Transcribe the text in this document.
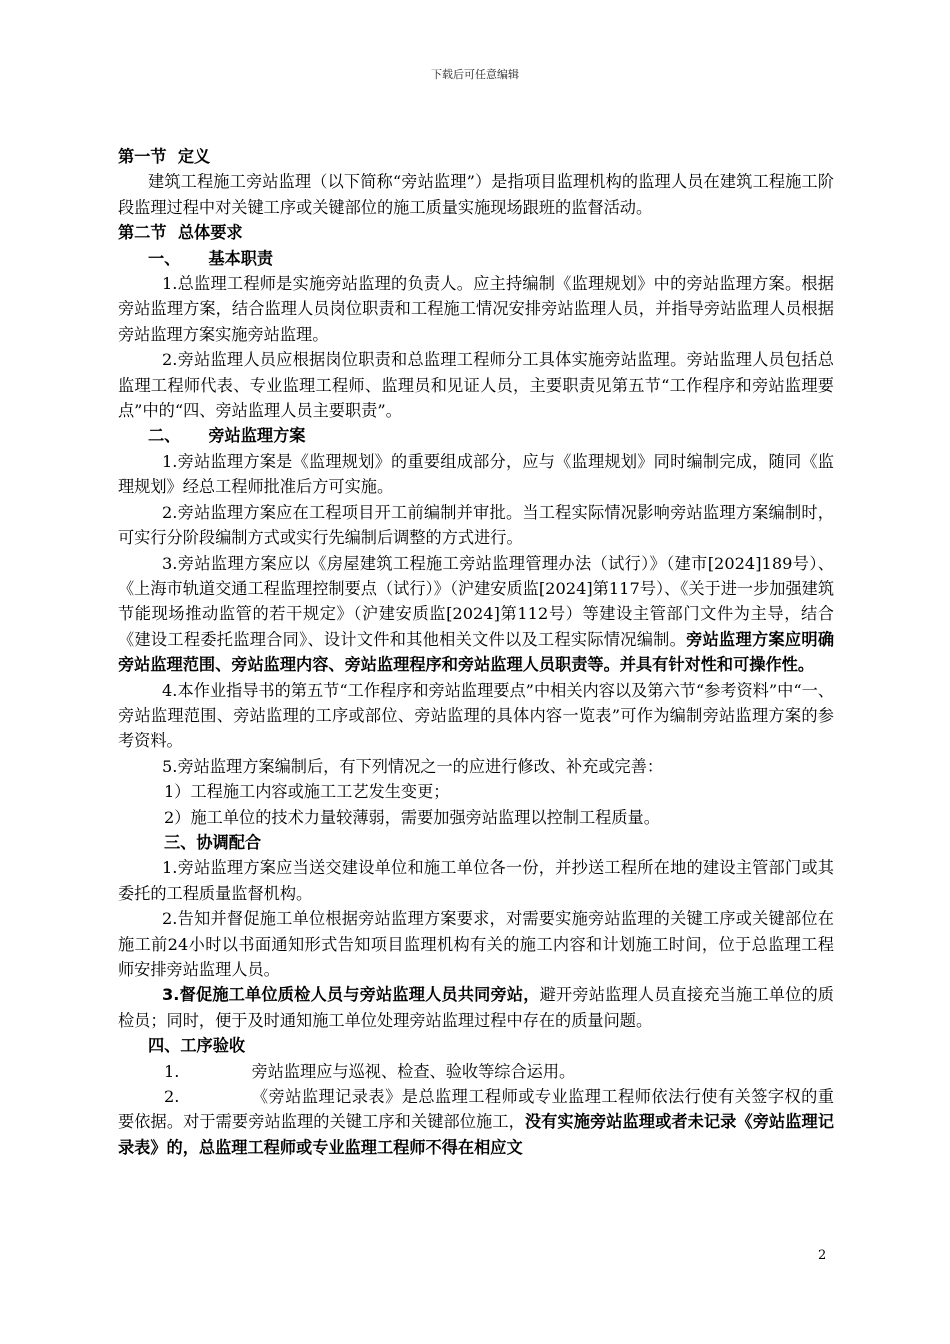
下载后可任意编辑

第一节 定义

建筑工程施工旁站监理（以下简称“旁站监理”）是指项目监理机构的监理人员在建筑工程施工阶段监理过程中对关键工序或关键部位的施工质量实施现场跟班的监督活动。

第二节 总体要求

一、 基本职责

1.总监理工程师是实施旁站监理的负责人。应主持编制《监理规划》中的旁站监理方案。根据旁站监理方案，结合监理人员岗位职责和工程施工情况安排旁站监理人员，并指导旁站监理人员根据旁站监理方案实施旁站监理。

2.旁站监理人员应根据岗位职责和总监理工程师分工具体实施旁站监理。旁站监理人员包括总监理工程师代表、专业监理工程师、监理员和见证人员，主要职责见第五节“工作程序和旁站监理要点”中的“四、旁站监理人员主要职责”。

二、 旁站监理方案

1.旁站监理方案是《监理规划》的重要组成部分，应与《监理规划》同时编制完成，随同《监理规划》经总工程师批准后方可实施。

2.旁站监理方案应在工程项目开工前编制并审批。当工程实际情况影响旁站监理方案编制时，可实行分阶段编制方式或实行先编制后调整的方式进行。

3.旁站监理方案应以《房屋建筑工程施工旁站监理管理办法（试行）》（建市[2024]189号）、《上海市轨道交通工程监理控制要点（试行）》（沪建安质监[2024]第117号）、《关于进一步加强建筑节能现场推动监管的若干规定》（沪建安质监[2024]第112号）等建设主管部门文件为主导，结合《建设工程委托监理合同》、设计文件和其他相关文件以及工程实际情况编制。旁站监理方案应明确旁站监理范围、旁站监理内容、旁站监理程序和旁站监理人员职责等。并具有针对性和可操作性。

4.本作业指导书的第五节“工作程序和旁站监理要点”中相关内容以及第六节“参考资料”中“一、旁站监理范围、旁站监理的工序或部位、旁站监理的具体内容一览表”可作为编制旁站监理方案的参考资料。

5.旁站监理方案编制后，有下列情况之一的应进行修改、补充或完善：

1）工程施工内容或施工工艺发生变更；

2）施工单位的技术力量较薄弱，需要加强旁站监理以控制工程质量。

三、协调配合

1.旁站监理方案应当送交建设单位和施工单位各一份，并抄送工程所在地的建设主管部门或其委托的工程质量监督机构。

2.告知并督促施工单位根据旁站监理方案要求，对需要实施旁站监理的关键工序或关键部位在施工前24小时以书面通知形式告知项目监理机构有关的施工内容和计划施工时间，位于总监理工程师安排旁站监理人员。

3.督促施工单位质检人员与旁站监理人员共同旁站，避开旁站监理人员直接充当施工单位的质检员；同时，便于及时通知施工单位处理旁站监理过程中存在的质量问题。

四、工序验收

1.	旁站监理应与巡视、检查、验收等综合运用。

2.	《旁站监理记录表》是总监理工程师或专业监理工程师依法行使有关签字权的重要依据。对于需要旁站监理的关键工序和关键部位施工，没有实施旁站监理或者未记录《旁站监理记录表》的，总监理工程师或专业监理工程师不得在相应文

2
